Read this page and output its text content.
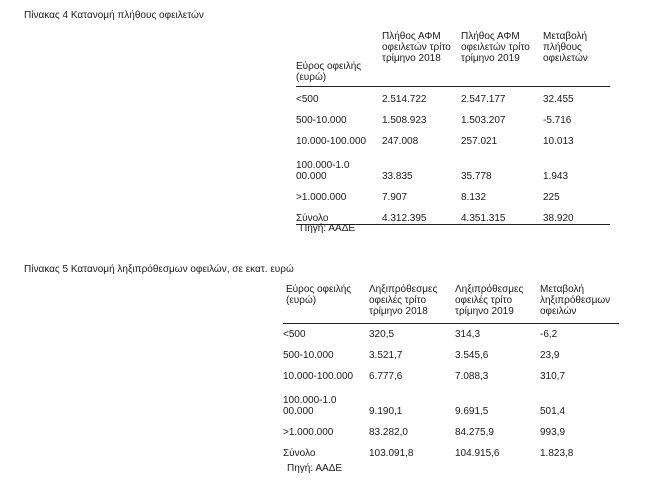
Πίνακας 4 Κατανομή πλήθους οφειλετών
Εύρος οφειλής (ευρώ)	Πλήθος ΑΦΜ οφειλετών τρίτο τρίμηνο 2018	Πλήθος ΑΦΜ οφειλετών τρίτο τρίμηνο 2019	Μεταβολή πλήθους οφειλετών
<500	2.514.722	2.547.177	32.455
500-10.000	1.508.923	1.503.207	-5.716
10.000-100.000	247.008	257.021	10.013
100.000-1.000.000	33.835	35.778	1.943
>1.000.000	7.907	8.132	225
Σύνολο	4.312.395	4.351.315	38.920
Πηγή: ΑΑΔΕ
Πίνακας 5 Κατανομή ληξιπρόθεσμων οφειλών, σε εκατ. ευρώ
Εύρος οφειλής (ευρώ)	Ληξιπρόθεσμες οφειλές τρίτο τρίμηνο 2018	Ληξιπρόθεσμες οφειλές τρίτο τρίμηνο 2019	Μεταβολή ληξιπρόθεσμων οφειλών
<500	320,5	314,3	-6,2
500-10.000	3.521,7	3.545,6	23,9
10.000-100.000	6.777,6	7.088,3	310,7
100.000-1.000.000	9.190,1	9.691,5	501,4
>1.000.000	83.282,0	84.275,9	993,9
Σύνολο	103.091,8	104.915,6	1.823,8
Πηγή: ΑΑΔΕ
